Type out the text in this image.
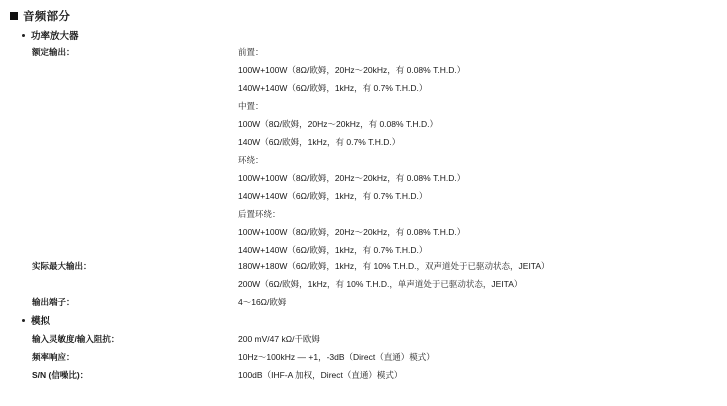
音频部分
功率放大器
额定输出：	前置：
100W+100W（8Ω/欧姆，20Hz～20kHz，有 0.08% T.H.D.）
140W+140W（6Ω/欧姆，1kHz，有 0.7% T.H.D.）
中置：
100W（8Ω/欧姆，20Hz～20kHz，有 0.08% T.H.D.）
140W（6Ω/欧姆，1kHz，有 0.7% T.H.D.）
环绕：
100W+100W（8Ω/欧姆，20Hz～20kHz，有 0.08% T.H.D.）
140W+140W（6Ω/欧姆，1kHz，有 0.7% T.H.D.）
后置环绕：
100W+100W（8Ω/欧姆，20Hz～20kHz，有 0.08% T.H.D.）
140W+140W（6Ω/欧姆，1kHz，有 0.7% T.H.D.）
实际最大输出：	180W+180W（6Ω/欧姆，1kHz，有 10% T.H.D.，双声道处于已驱动状态，JEITA）
200W（6Ω/欧姆，1kHz，有 10% T.H.D.，单声道处于已驱动状态，JEITA）
输出端子：	4～16Ω/欧姆
模拟
输入灵敏度/输入阻抗：	200 mV/47 kΩ/千欧姆
频率响应：	10Hz～100kHz — +1，-3dB（Direct（直通）模式）
S/N (信噪比)：	100dB（IHF-A 加权，Direct（直通）模式）
